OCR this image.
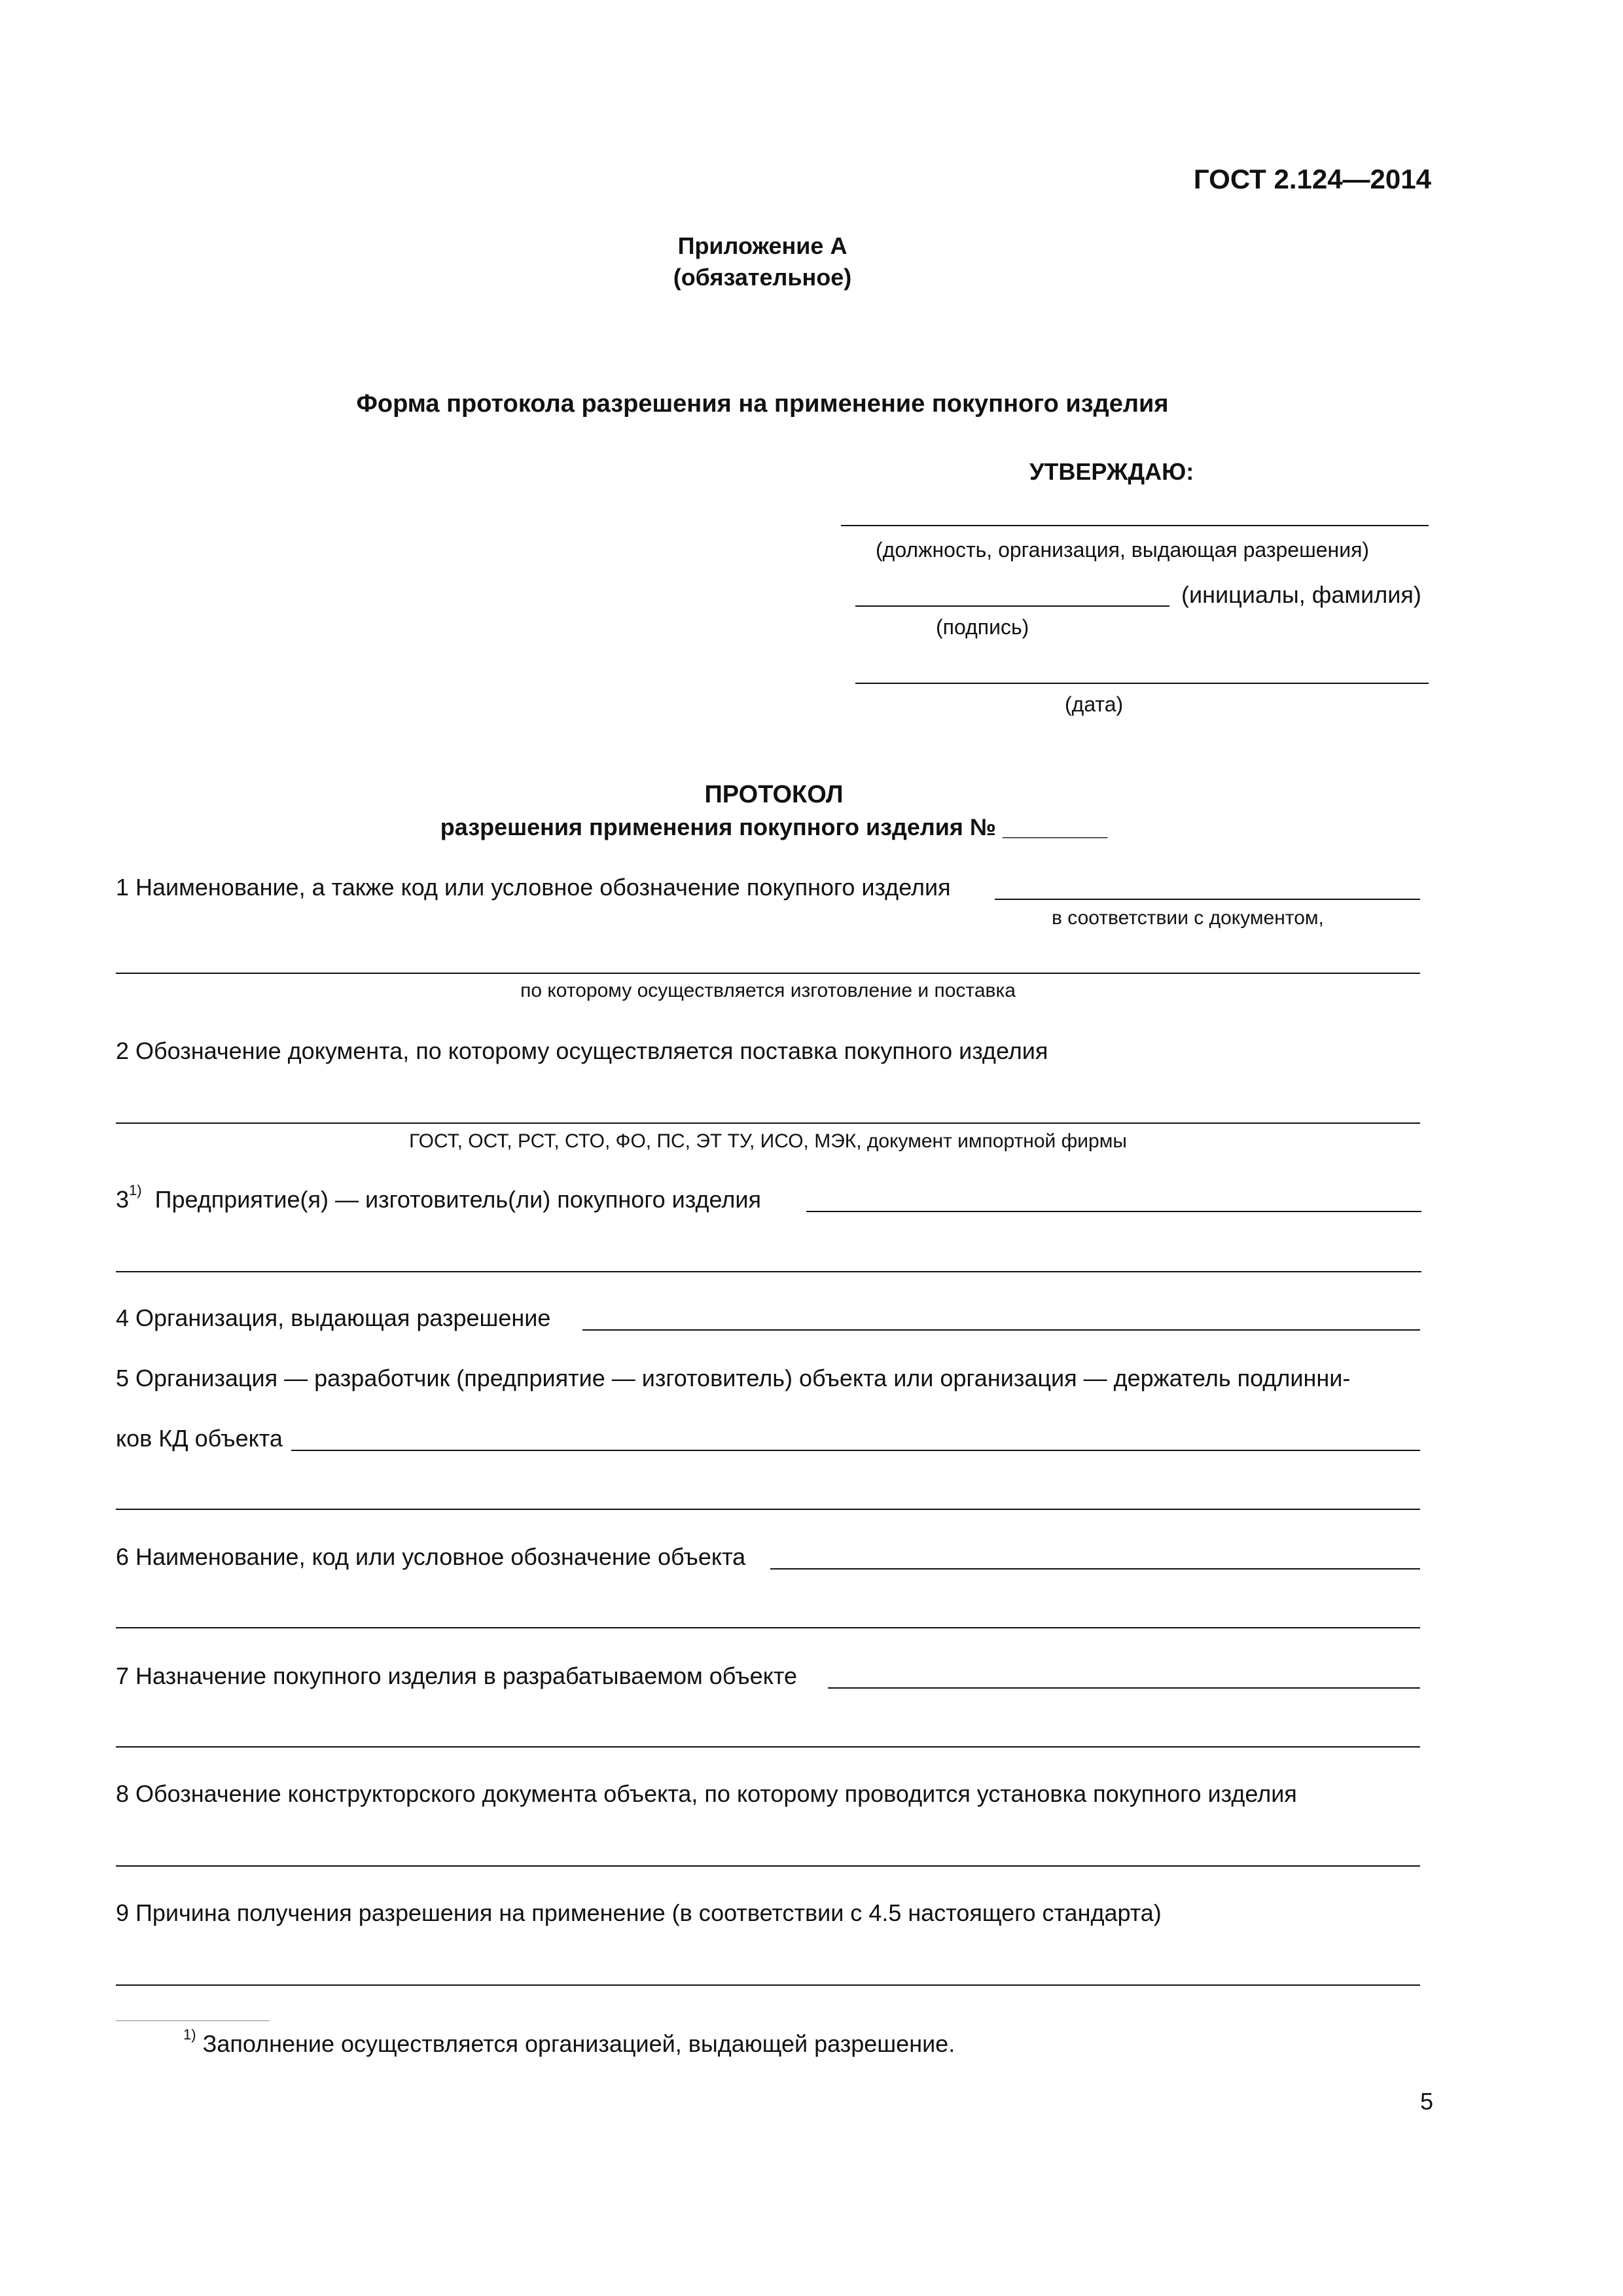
ГОСТ 2.124—2014
Приложение А
(обязательное)
Форма протокола разрешения на применение покупного изделия
УТВЕРЖДАЮ:
(должность, организация, выдающая разрешения)
(инициалы, фамилия)
(подпись)
(дата)
ПРОТОКОЛ
разрешения применения покупного изделия № ________
1 Наименование, а также код или условное обозначение покупного изделия
в соответствии с документом,
по которому осуществляется изготовление и поставка
2 Обозначение документа, по которому осуществляется поставка покупного изделия
ГОСТ, ОСТ, РСТ, СТО, ФО, ПС, ЭТ ТУ, ИСО, МЭК, документ импортной фирмы
3$^{1)}$ Предприятие(я) — изготовитель(ли) покупного изделия
4 Организация, выдающая разрешение
5 Организация — разработчик (предприятие — изготовитель) объекта или организация — держатель подлинни-
ков КД объекта
6 Наименование, код или условное обозначение объекта
7 Назначение покупного изделия в разрабатываемом объекте
8 Обозначение конструкторского документа объекта, по которому проводится установка покупного изделия
9 Причина получения разрешения на применение (в соответствии с 4.5 настоящего стандарта)
$^{1)}$ Заполнение осуществляется организацией, выдающей разрешение.
5
